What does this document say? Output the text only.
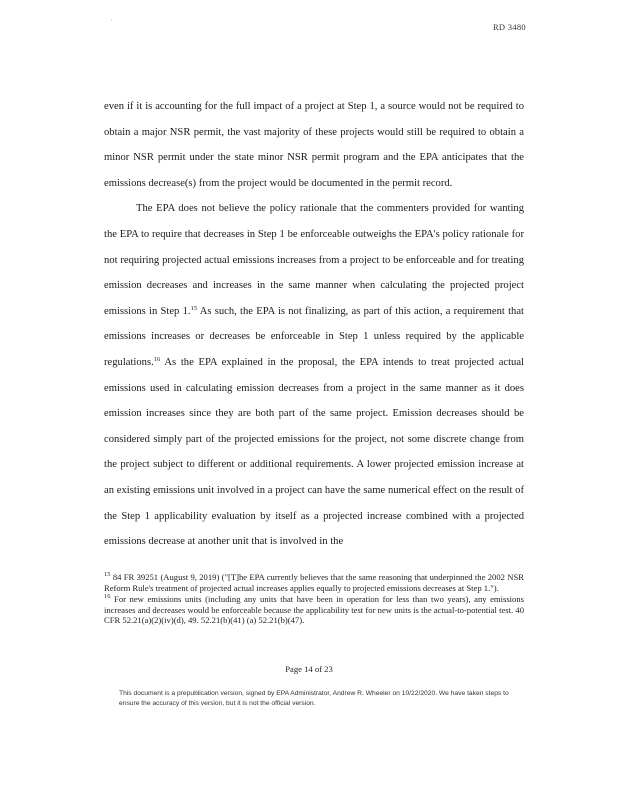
'	RD 3480

even if it is accounting for the full impact of a project at Step 1, a source would not be required to obtain a major NSR permit, the vast majority of these projects would still be required to obtain a minor NSR permit under the state minor NSR permit program and the EPA anticipates that the emissions decrease(s) from the project would be documented in the permit record.

The EPA does not believe the policy rationale that the commenters provided for wanting the EPA to require that decreases in Step 1 be enforceable outweighs the EPA's policy rationale for not requiring projected actual emissions increases from a project to be enforceable and for treating emission decreases and increases in the same manner when calculating the projected project emissions in Step 1.15 As such, the EPA is not finalizing, as part of this action, a requirement that emissions increases or decreases be enforceable in Step 1 unless required by the applicable regulations.$^{16}$ As the EPA explained in the proposal, the EPA intends to treat projected actual emissions used in calculating emission decreases from a project in the same manner as it does emission increases since they are both part of the same project. Emission decreases should be considered simply part of the projected emissions for the project, not some discrete change from the project subject to different or additional requirements. A lower projected emission increase at an existing emissions unit involved in a project can have the same numerical effect on the result of the Step 1 applicability evaluation by itself as a projected increase combined with a projected emissions decrease at another unit that is involved in the

$^{15}$ 84 FR 39251 (August 9, 2019) ("[T]he EPA currently believes that the same reasoning that underpinned the 2002 NSR Reform Rule's treatment of projected actual increases applies equally to projected emissions decreases at Step 1.").

$^{16}$ For new emissions units (including any units that have been in operation for less than two years), any emissions increases and decreases would be enforceable because the applicability test for new units is the actual-to-potential test. 40 CFR 52.21(a)(2)(iv)(d), 49. 52.21(b)(41) (a) 52.21(b)(47).

Page 14 of 23
This document is a prepublication version, signed by EPA Administrator, Andrew R. Wheeler on 10/22/2020. We have taken steps to ensure the accuracy of this version, but it is not the official version.
